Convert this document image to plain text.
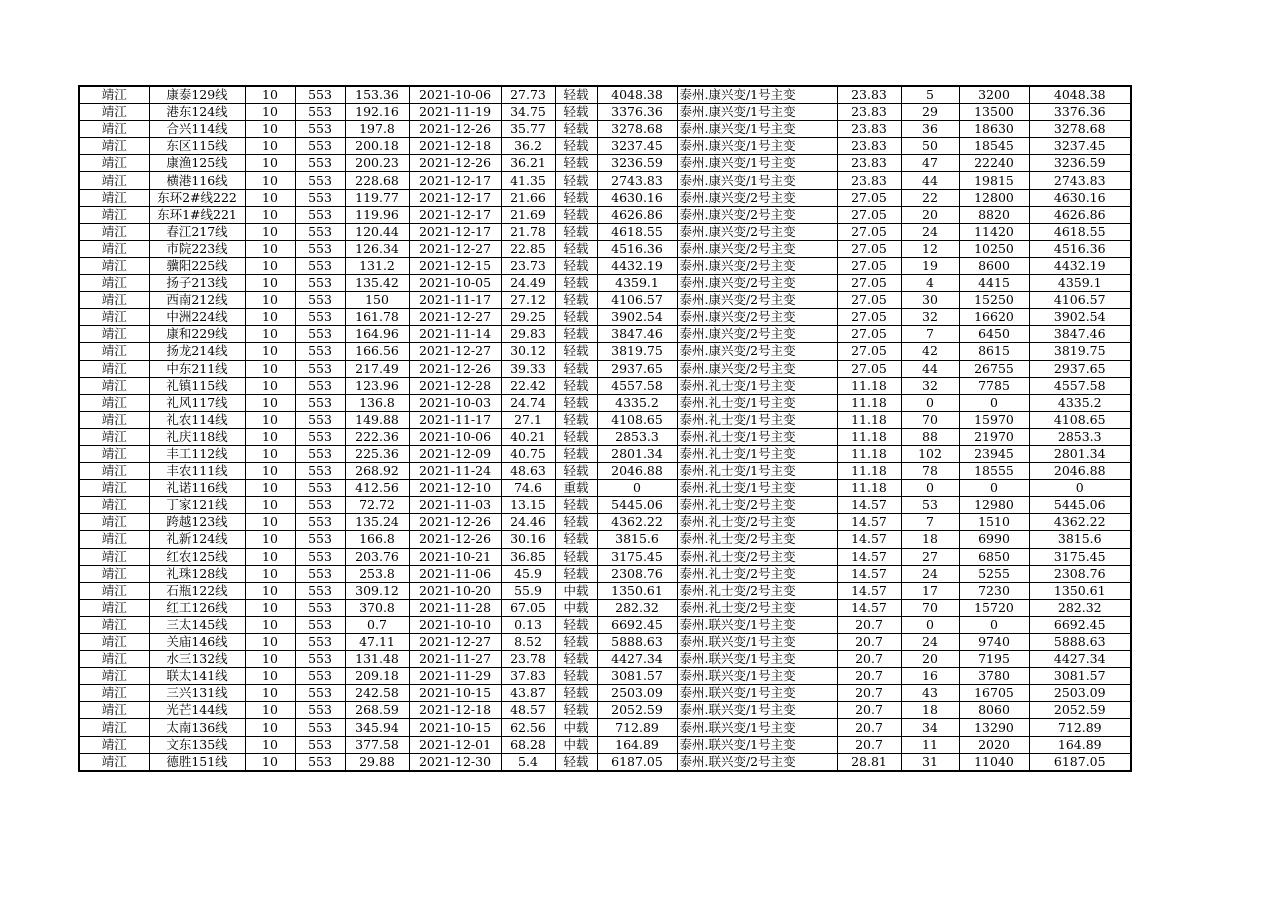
靖江	康泰129线	10	553	153.36	2021-10-06	27.73	轻载	4048.38	泰州.康兴变/1号主变	23.83	5	3200	4048.38
靖江	港东124线	10	553	192.16	2021-11-19	34.75	轻载	3376.36	泰州.康兴变/1号主变	23.83	29	13500	3376.36
靖江	合兴114线	10	553	197.8	2021-12-26	35.77	轻载	3278.68	泰州.康兴变/1号主变	23.83	36	18630	3278.68
靖江	东区115线	10	553	200.18	2021-12-18	36.2	轻载	3237.45	泰州.康兴变/1号主变	23.83	50	18545	3237.45
靖江	康渔125线	10	553	200.23	2021-12-26	36.21	轻载	3236.59	泰州.康兴变/1号主变	23.83	47	22240	3236.59
靖江	横港116线	10	553	228.68	2021-12-17	41.35	轻载	2743.83	泰州.康兴变/1号主变	23.83	44	19815	2743.83
靖江	东环2#线222	10	553	119.77	2021-12-17	21.66	轻载	4630.16	泰州.康兴变/2号主变	27.05	22	12800	4630.16
靖江	东环1#线221	10	553	119.96	2021-12-17	21.69	轻载	4626.86	泰州.康兴变/2号主变	27.05	20	8820	4626.86
靖江	春江217线	10	553	120.44	2021-12-17	21.78	轻载	4618.55	泰州.康兴变/2号主变	27.05	24	11420	4618.55
靖江	市院223线	10	553	126.34	2021-12-27	22.85	轻载	4516.36	泰州.康兴变/2号主变	27.05	12	10250	4516.36
靖江	骥阳225线	10	553	131.2	2021-12-15	23.73	轻载	4432.19	泰州.康兴变/2号主变	27.05	19	8600	4432.19
靖江	扬子213线	10	553	135.42	2021-10-05	24.49	轻载	4359.1	泰州.康兴变/2号主变	27.05	4	4415	4359.1
靖江	西南212线	10	553	150	2021-11-17	27.12	轻载	4106.57	泰州.康兴变/2号主变	27.05	30	15250	4106.57
靖江	中洲224线	10	553	161.78	2021-12-27	29.25	轻载	3902.54	泰州.康兴变/2号主变	27.05	32	16620	3902.54
靖江	康和229线	10	553	164.96	2021-11-14	29.83	轻载	3847.46	泰州.康兴变/2号主变	27.05	7	6450	3847.46
靖江	扬龙214线	10	553	166.56	2021-12-27	30.12	轻载	3819.75	泰州.康兴变/2号主变	27.05	42	8615	3819.75
靖江	中东211线	10	553	217.49	2021-12-26	39.33	轻载	2937.65	泰州.康兴变/2号主变	27.05	44	26755	2937.65
靖江	礼镇115线	10	553	123.96	2021-12-28	22.42	轻载	4557.58	泰州.礼士变/1号主变	11.18	32	7785	4557.58
靖江	礼风117线	10	553	136.8	2021-10-03	24.74	轻载	4335.2	泰州.礼士变/1号主变	11.18	0	0	4335.2
靖江	礼农114线	10	553	149.88	2021-11-17	27.1	轻载	4108.65	泰州.礼士变/1号主变	11.18	70	15970	4108.65
靖江	礼庆118线	10	553	222.36	2021-10-06	40.21	轻载	2853.3	泰州.礼士变/1号主变	11.18	88	21970	2853.3
靖江	丰工112线	10	553	225.36	2021-12-09	40.75	轻载	2801.34	泰州.礼士变/1号主变	11.18	102	23945	2801.34
靖江	丰农111线	10	553	268.92	2021-11-24	48.63	轻载	2046.88	泰州.礼士变/1号主变	11.18	78	18555	2046.88
靖江	礼诺116线	10	553	412.56	2021-12-10	74.6	重载	0	泰州.礼士变/1号主变	11.18	0	0	0
靖江	丁家121线	10	553	72.72	2021-11-03	13.15	轻载	5445.06	泰州.礼士变/2号主变	14.57	53	12980	5445.06
靖江	跨越123线	10	553	135.24	2021-12-26	24.46	轻载	4362.22	泰州.礼士变/2号主变	14.57	7	1510	4362.22
靖江	礼新124线	10	553	166.8	2021-12-26	30.16	轻载	3815.6	泰州.礼士变/2号主变	14.57	18	6990	3815.6
靖江	红农125线	10	553	203.76	2021-10-21	36.85	轻载	3175.45	泰州.礼士变/2号主变	14.57	27	6850	3175.45
靖江	礼珠128线	10	553	253.8	2021-11-06	45.9	轻载	2308.76	泰州.礼士变/2号主变	14.57	24	5255	2308.76
靖江	石瓶122线	10	553	309.12	2021-10-20	55.9	中载	1350.61	泰州.礼士变/2号主变	14.57	17	7230	1350.61
靖江	红工126线	10	553	370.8	2021-11-28	67.05	中载	282.32	泰州.礼士变/2号主变	14.57	70	15720	282.32
靖江	三太145线	10	553	0.7	2021-10-10	0.13	轻载	6692.45	泰州.联兴变/1号主变	20.7	0	0	6692.45
靖江	关庙146线	10	553	47.11	2021-12-27	8.52	轻载	5888.63	泰州.联兴变/1号主变	20.7	24	9740	5888.63
靖江	水三132线	10	553	131.48	2021-11-27	23.78	轻载	4427.34	泰州.联兴变/1号主变	20.7	20	7195	4427.34
靖江	联太141线	10	553	209.18	2021-11-29	37.83	轻载	3081.57	泰州.联兴变/1号主变	20.7	16	3780	3081.57
靖江	三兴131线	10	553	242.58	2021-10-15	43.87	轻载	2503.09	泰州.联兴变/1号主变	20.7	43	16705	2503.09
靖江	光芒144线	10	553	268.59	2021-12-18	48.57	轻载	2052.59	泰州.联兴变/1号主变	20.7	18	8060	2052.59
靖江	太南136线	10	553	345.94	2021-10-15	62.56	中载	712.89	泰州.联兴变/1号主变	20.7	34	13290	712.89
靖江	文东135线	10	553	377.58	2021-12-01	68.28	中载	164.89	泰州.联兴变/1号主变	20.7	11	2020	164.89
靖江	德胜151线	10	553	29.88	2021-12-30	5.4	轻载	6187.05	泰州.联兴变/2号主变	28.81	31	11040	6187.05
